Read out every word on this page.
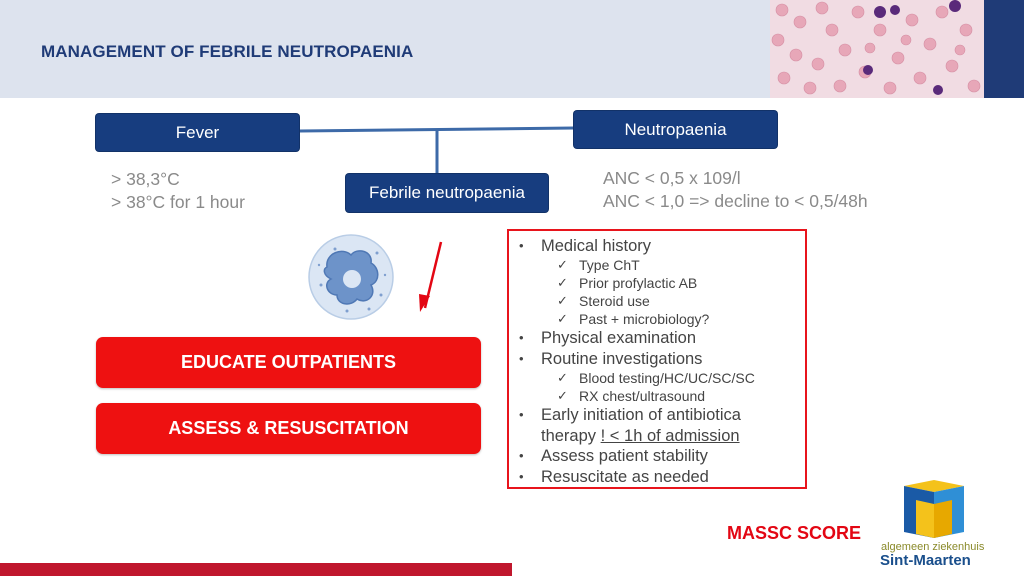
MANAGEMENT OF FEBRILE NEUTROPAENIA
Fever	Neutropaenia
Febrile neutropaenia
> 38,3°C
> 38°C for 1 hour
ANC < 0,5 x 109/l
ANC < 1,0 => decline to < 0,5/48h
EDUCATE OUTPATIENTS
ASSESS & RESUSCITATION
• Medical history
✓ Type ChT
✓ Prior profylactic AB
✓ Steroid use
✓ Past + microbiology?
• Physical examination
• Routine investigations
✓ Blood testing/HC/UC/SC/SC
✓ RX chest/ultrasound
• Early initiation of antibiotica
therapy ! < 1h of admission
• Assess patient stability
• Resuscitate as needed
MASSC SCORE
algemeen ziekenhuis
Sint-Maarten
